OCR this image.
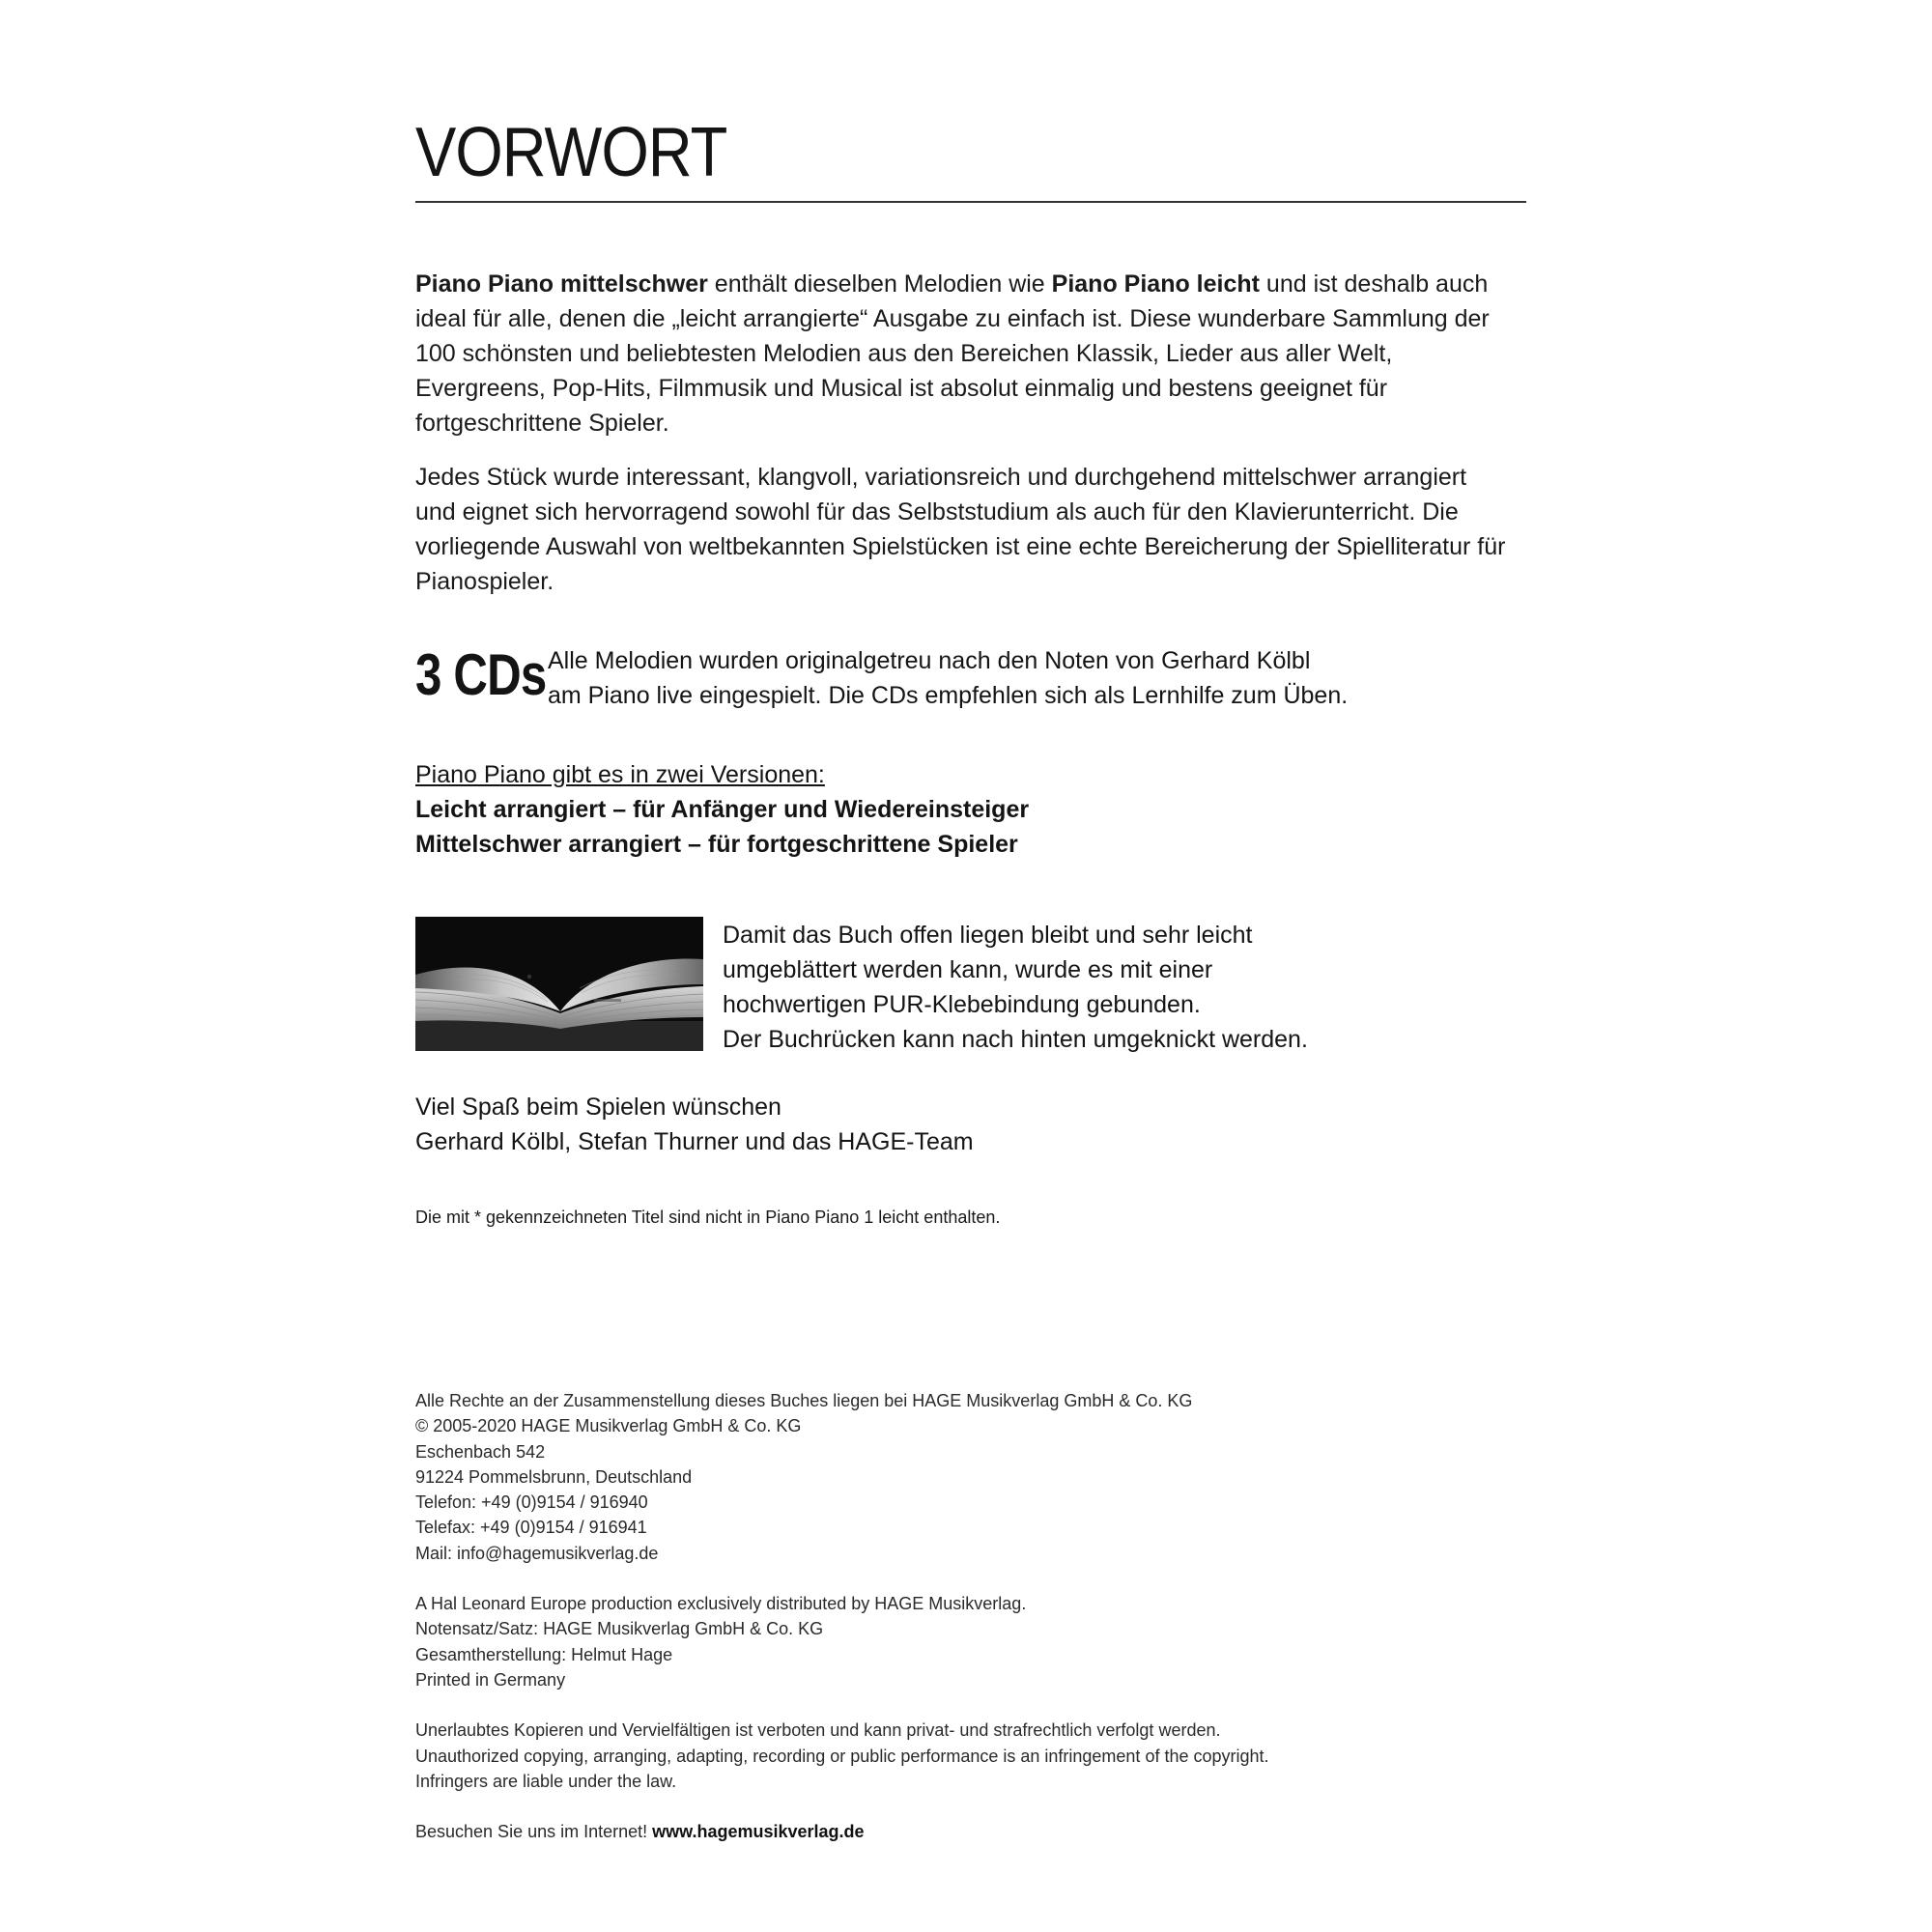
VORWORT

Piano Piano mittelschwer enthält dieselben Melodien wie Piano Piano leicht und ist deshalb auch ideal für alle, denen die „leicht arrangierte“ Ausgabe zu einfach ist. Diese wunderbare Sammlung der 100 schönsten und beliebtesten Melodien aus den Bereichen Klassik, Lieder aus aller Welt, Evergreens, Pop-Hits, Filmmusik und Musical ist absolut einmalig und bestens geeignet für fortgeschrittene Spieler.

Jedes Stück wurde interessant, klangvoll, variationsreich und durchgehend mittelschwer arrangiert und eignet sich hervorragend sowohl für das Selbststudium als auch für den Klavierunterricht. Die vorliegende Auswahl von weltbekannten Spielstücken ist eine echte Bereicherung der Spielliteratur für Pianospieler.

3 CDs Alle Melodien wurden originalgetreu nach den Noten von Gerhard Kölbl
am Piano live eingespielt. Die CDs empfehlen sich als Lernhilfe zum Üben.

Piano Piano gibt es in zwei Versionen:
Leicht arrangiert – für Anfänger und Wiedereinsteiger
Mittelschwer arrangiert – für fortgeschrittene Spieler

Damit das Buch offen liegen bleibt und sehr leicht
umgeblättert werden kann, wurde es mit einer
hochwertigen PUR-Klebebindung gebunden.
Der Buchrücken kann nach hinten umgeknickt werden.

Viel Spaß beim Spielen wünschen
Gerhard Kölbl, Stefan Thurner und das HAGE-Team
Die mit * gekennzeichneten Titel sind nicht in Piano Piano 1 leicht enthalten.
Alle Rechte an der Zusammenstellung dieses Buches liegen bei HAGE Musikverlag GmbH & Co. KG
© 2005-2020 HAGE Musikverlag GmbH & Co. KG
Eschenbach 542
91224 Pommelsbrunn, Deutschland
Telefon: +49 (0)9154 / 916940
Telefax: +49 (0)9154 / 916941
Mail: info@hagemusikverlag.de
A Hal Leonard Europe production exclusively distributed by HAGE Musikverlag.
Notensatz/Satz: HAGE Musikverlag GmbH & Co. KG
Gesamtherstellung: Helmut Hage
Printed in Germany
Unerlaubtes Kopieren und Vervielfältigen ist verboten und kann privat- und strafrechtlich verfolgt werden.
Unauthorized copying, arranging, adapting, recording or public performance is an infringement of the copyright.
Infringers are liable under the law.
Besuchen Sie uns im Internet! www.hagemusikverlag.de
